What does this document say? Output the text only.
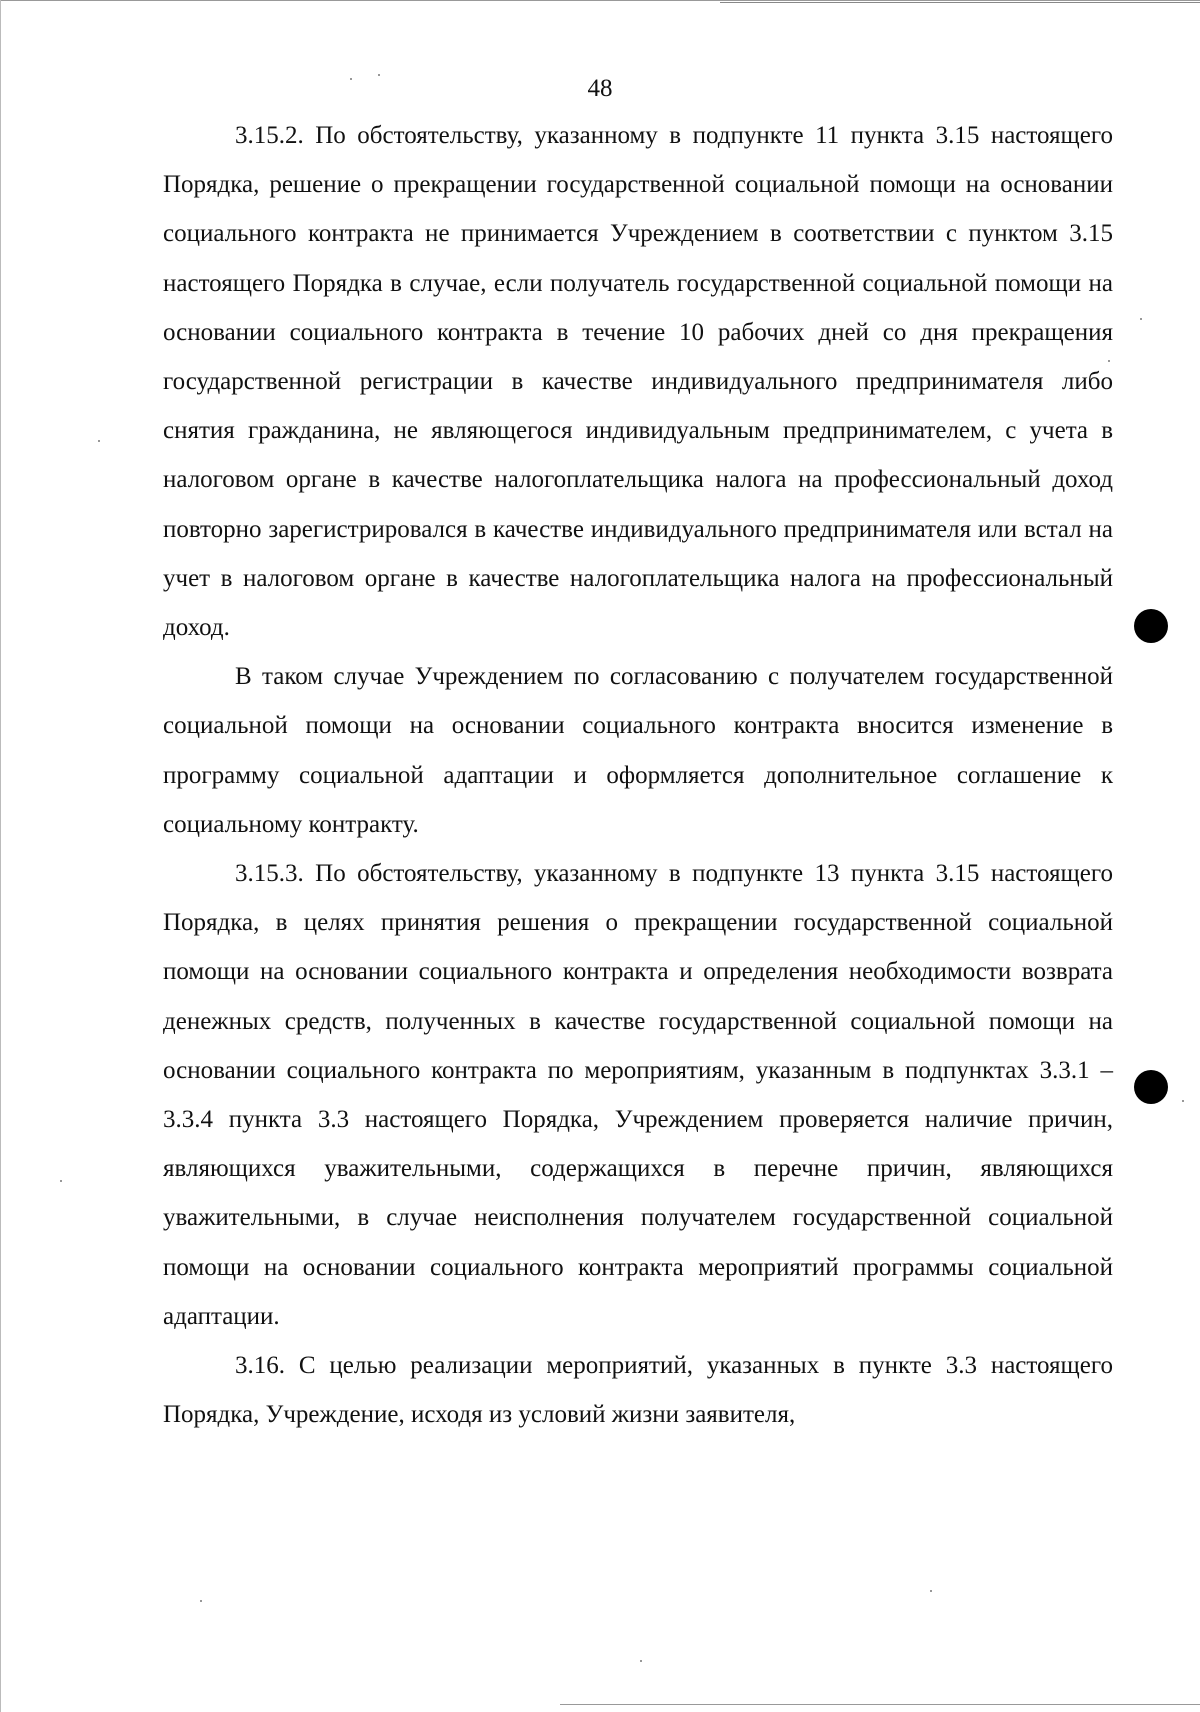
48

3.15.2. По обстоятельству, указанному в подпункте 11 пункта 3.15 настоящего Порядка, решение о прекращении государственной социальной помощи на основании социального контракта не принимается Учреждением в соответствии с пунктом 3.15 настоящего Порядка в случае, если получатель государственной социальной помощи на основании социального контракта в течение 10 рабочих дней со дня прекращения государственной регистрации в качестве индивидуального предпринимателя либо снятия гражданина, не являющегося индивидуальным предпринимателем, с учета в налоговом органе в качестве налогоплательщика налога на профессиональный доход повторно зарегистрировался в качестве индивидуального предпринимателя или встал на учет в налоговом органе в качестве налогоплательщика налога на профессиональный доход.

В таком случае Учреждением по согласованию с получателем государственной социальной помощи на основании социального контракта вносится изменение в программу социальной адаптации и оформляется дополнительное соглашение к социальному контракту.

3.15.3. По обстоятельству, указанному в подпункте 13 пункта 3.15 настоящего Порядка, в целях принятия решения о прекращении государственной социальной помощи на основании социального контракта и определения необходимости возврата денежных средств, полученных в качестве государственной социальной помощи на основании социального контракта по мероприятиям, указанным в подпунктах 3.3.1 – 3.3.4 пункта 3.3 настоящего Порядка, Учреждением проверяется наличие причин, являющихся уважительными, содержащихся в перечне причин, являющихся уважительными, в случае неисполнения получателем государственной социальной помощи на основании социального контракта мероприятий программы социальной адаптации.

3.16. С целью реализации мероприятий, указанных в пункте 3.3 настоящего Порядка, Учреждение, исходя из условий жизни заявителя,
